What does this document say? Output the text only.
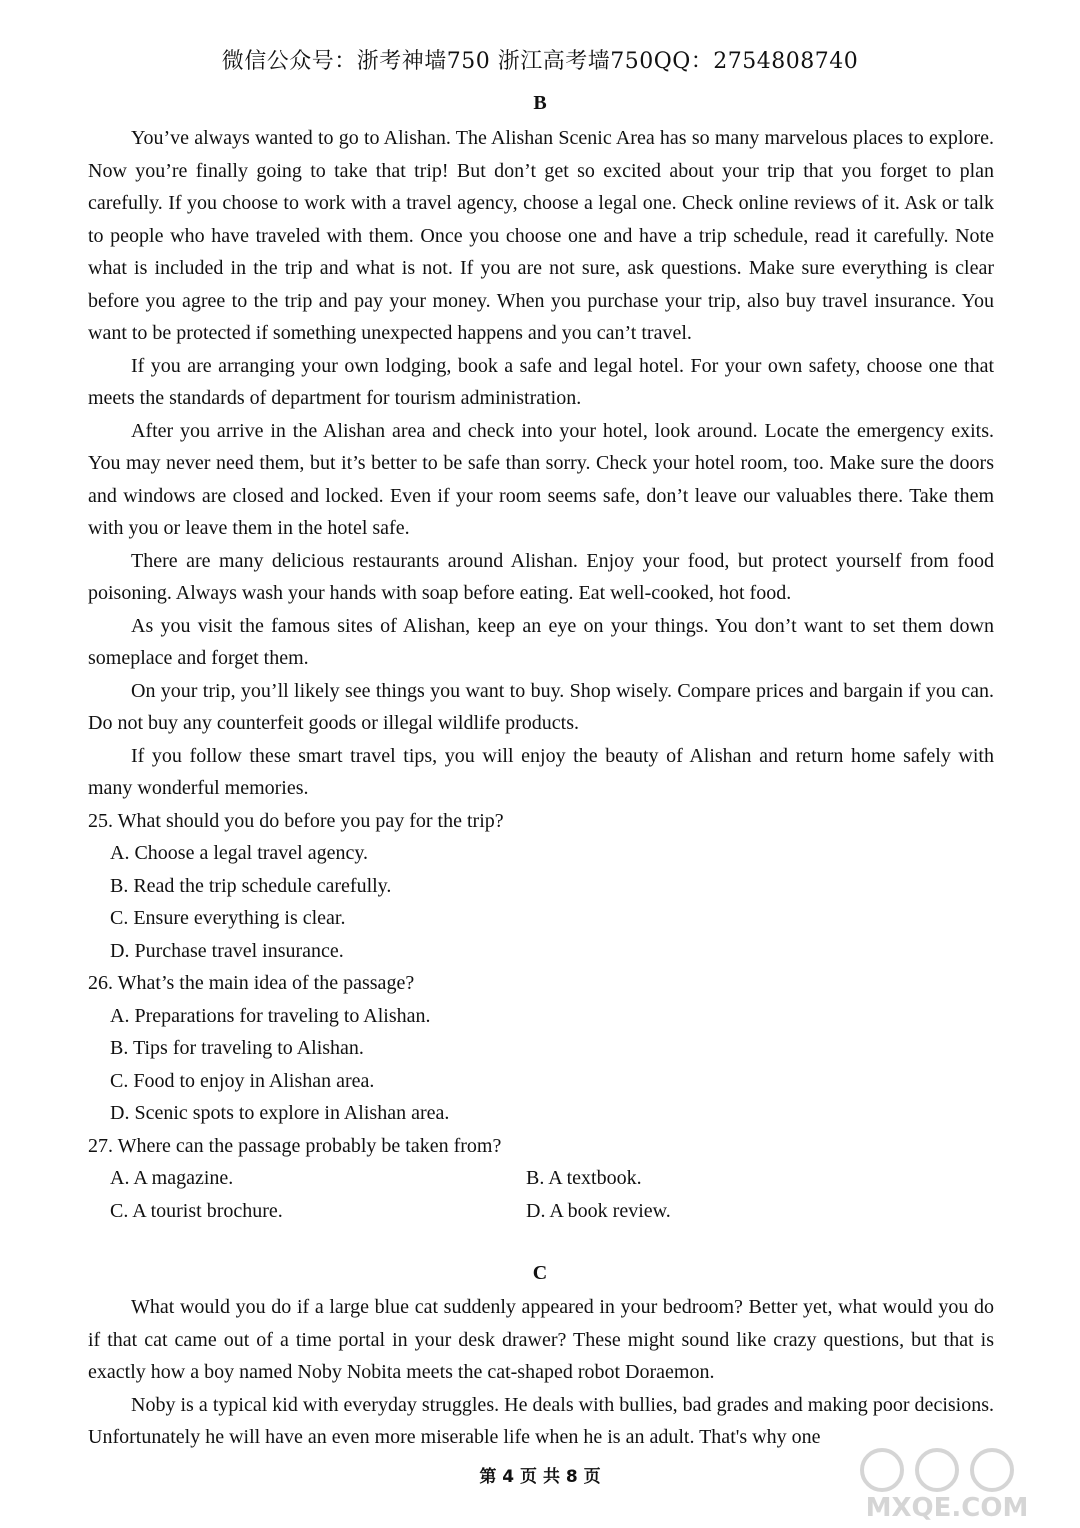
微信公众号：浙考神墙750 浙江高考墙750QQ：2754808740
B

You’ve always wanted to go to Alishan. The Alishan Scenic Area has so many marvelous places to explore. Now you’re finally going to take that trip! But don’t get so excited about your trip that you forget to plan carefully. If you choose to work with a travel agency, choose a legal one. Check online reviews of it. Ask or talk to people who have traveled with them. Once you choose one and have a trip schedule, read it carefully. Note what is included in the trip and what is not. If you are not sure, ask questions. Make sure everything is clear before you agree to the trip and pay your money. When you purchase your trip, also buy travel insurance. You want to be protected if something unexpected happens and you can’t travel.

If you are arranging your own lodging, book a safe and legal hotel. For your own safety, choose one that meets the standards of department for tourism administration.

After you arrive in the Alishan area and check into your hotel, look around. Locate the emergency exits. You may never need them, but it’s better to be safe than sorry. Check your hotel room, too. Make sure the doors and windows are closed and locked. Even if your room seems safe, don’t leave our valuables there. Take them with you or leave them in the hotel safe.

There are many delicious restaurants around Alishan. Enjoy your food, but protect yourself from food poisoning. Always wash your hands with soap before eating. Eat well-cooked, hot food.

As you visit the famous sites of Alishan, keep an eye on your things. You don’t want to set them down someplace and forget them.

On your trip, you’ll likely see things you want to buy. Shop wisely. Compare prices and bargain if you can. Do not buy any counterfeit goods or illegal wildlife products.

If you follow these smart travel tips, you will enjoy the beauty of Alishan and return home safely with many wonderful memories.

25. What should you do before you pay for the trip?

A. Choose a legal travel agency.

B. Read the trip schedule carefully.

C. Ensure everything is clear.

D. Purchase travel insurance.

26. What’s the main idea of the passage?

A. Preparations for traveling to Alishan.

B. Tips for traveling to Alishan.

C. Food to enjoy in Alishan area.

D. Scenic spots to explore in Alishan area.

27. Where can the passage probably be taken from?

A. A magazine.	B. A textbook.
C. A tourist brochure.	D. A book review.
C

What would you do if a large blue cat suddenly appeared in your bedroom? Better yet, what would you do if that cat came out of a time portal in your desk drawer? These might sound like crazy questions, but that is exactly how a boy named Noby Nobita meets the cat-shaped robot Doraemon.

Noby is a typical kid with everyday struggles. He deals with bullies, bad grades and making poor decisions. Unfortunately he will have an even more miserable life when he is an adult. That's why one

第 4 页 共 8 页
MXQE.COM
